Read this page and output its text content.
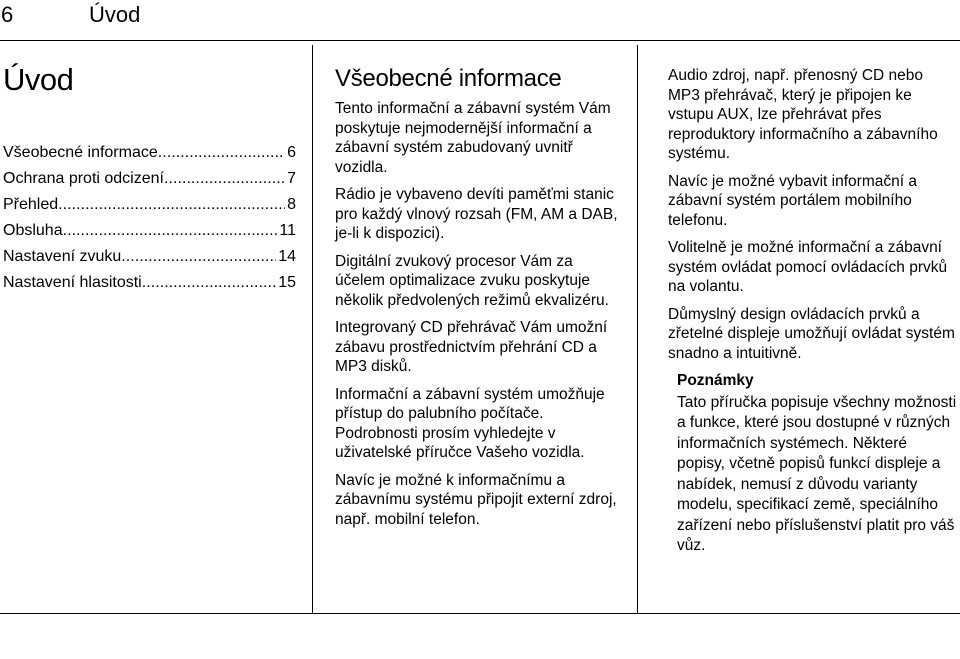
6	Úvod
Úvod
Všeobecné informace . . .	6
Ochrana proti odcizení . . .	7
Přehled . . .	8
Obsluha . . .	11
Nastavení zvuku . . .	14
Nastavení hlasitosti . . .	15
Všeobecné informace

Tento informační a zábavní systém Vám poskytuje nejmodernější informační a zábavní systém zabudovaný uvnitř vozidla.

Rádio je vybaveno devíti paměťmi stanic pro každý vlnový rozsah (FM, AM a DAB, je-li k dispozici).

Digitální zvukový procesor Vám za účelem optimalizace zvuku poskytuje několik předvolených režimů ekvalizéru.

Integrovaný CD přehrávač Vám umožní zábavu prostřednictvím přehrání CD a MP3 disků.

Informační a zábavní systém umožňuje přístup do palubního počítače. Podrobnosti prosím vyhledejte v uživatelské příručce Vašeho vozidla.

Navíc je možné k informačnímu a zábavnímu systému připojit externí zdroj, např. mobilní telefon.

Audio zdroj, např. přenosný CD nebo MP3 přehrávač, který je připojen ke vstupu AUX, lze přehrávat přes reproduktory informačního a zábavního systému.

Navíc je možné vybavit informační a zábavní systém portálem mobilního telefonu.

Volitelně je možné informační a zábavní systém ovládat pomocí ovládacích prvků na volantu.

Důmyslný design ovládacích prvků a zřetelné displeje umožňují ovládat systém snadno a intuitivně.

Poznámky

Tato příručka popisuje všechny možnosti a funkce, které jsou dostupné v různých informačních systémech. Některé popisy, včetně popisů funkcí displeje a nabídek, nemusí z důvodu varianty modelu, specifikací země, speciálního zařízení nebo příslušenství platit pro váš vůz.
